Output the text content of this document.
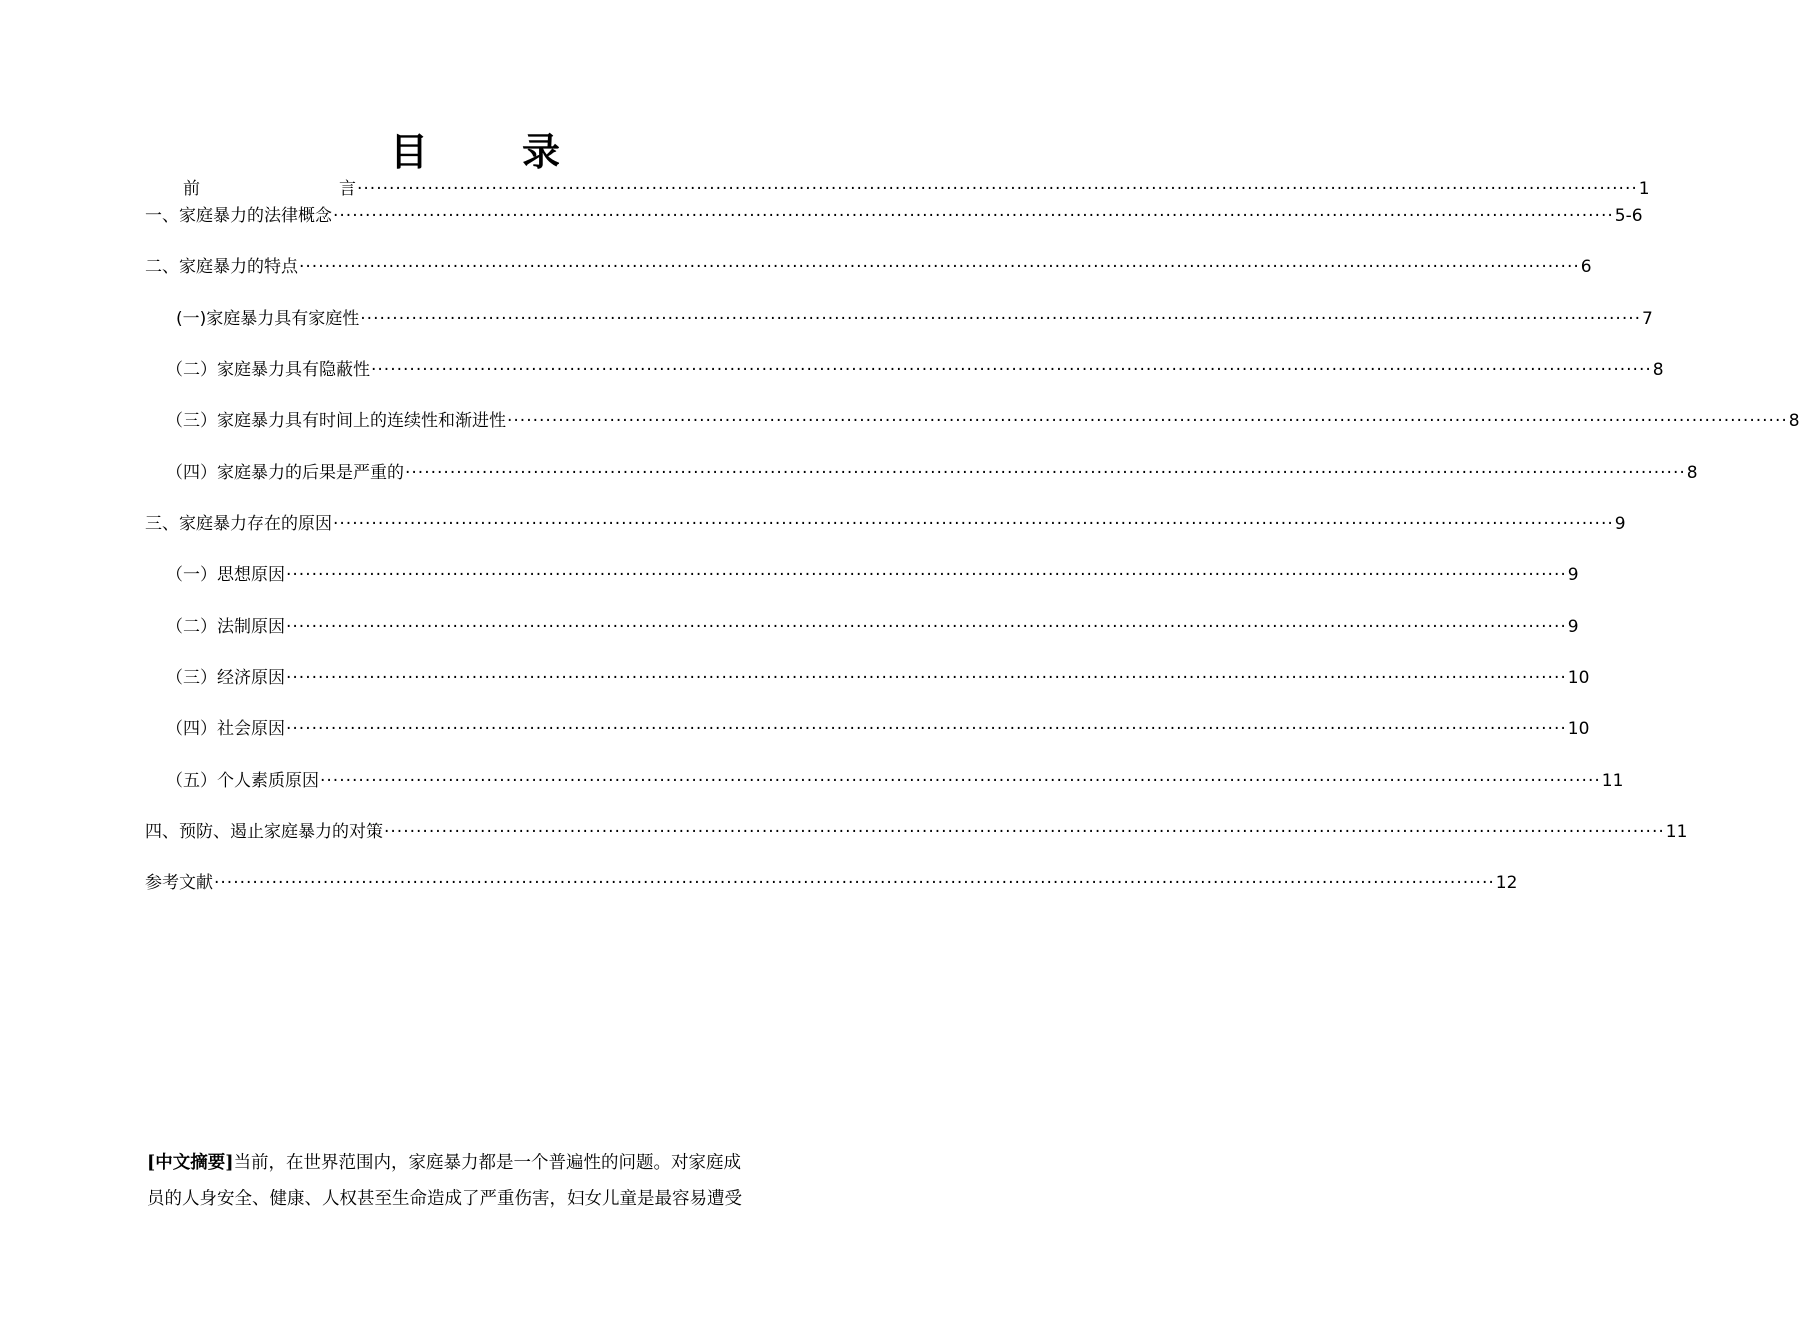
目　录
前	言 ········································································································································································································ 1
一、家庭暴力的法律概念 ········································································································································································································ 5-6
二、家庭暴力的特点 ········································································································································································································ 6
(一)家庭暴力具有家庭性 ········································································································································································································ 7
（二）家庭暴力具有隐蔽性 ········································································································································································································ 8
（三）家庭暴力具有时间上的连续性和渐进性 ········································································································································································································ 8
（四）家庭暴力的后果是严重的 ········································································································································································································ 8
三、家庭暴力存在的原因 ········································································································································································································ 9
（一）思想原因 ········································································································································································································ 9
（二）法制原因 ········································································································································································································ 9
（三）经济原因 ········································································································································································································ 10
（四）社会原因 ········································································································································································································ 10
（五）个人素质原因 ········································································································································································································ 11
四、预防、遏止家庭暴力的对策 ········································································································································································································ 11
参考文献 ········································································································································································································ 12
[中文摘要]当前，在世界范围内，家庭暴力都是一个普遍性的问题。对家庭成
员的人身安全、健康、人权甚至生命造成了严重伤害，妇女儿童是最容易遭受
